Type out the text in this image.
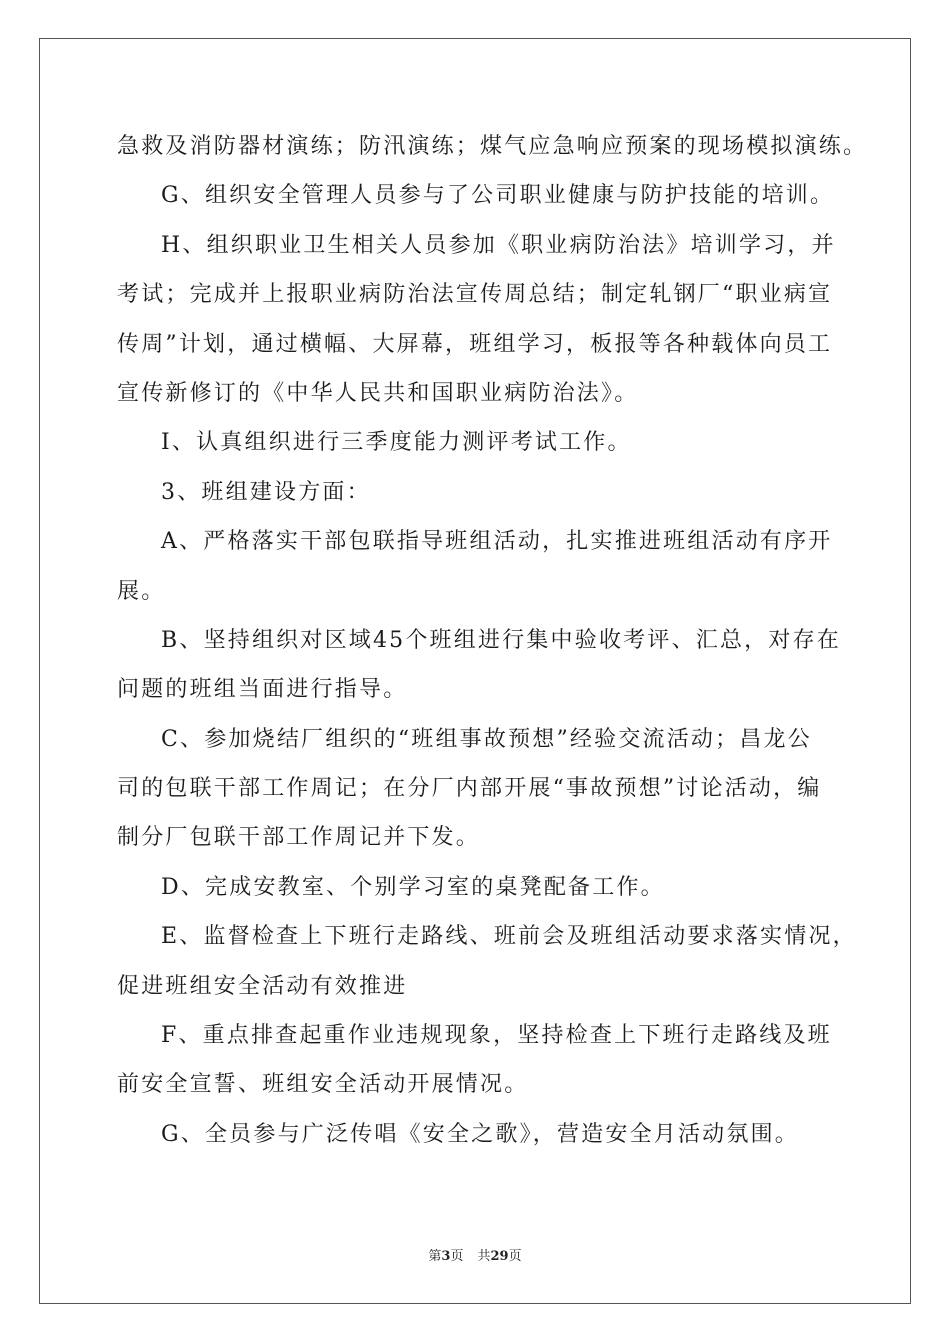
急救及消防器材演练；防汛演练；煤气应急响应预案的现场模拟演练。
G、组织安全管理人员参与了公司职业健康与防护技能的培训。
H、组织职业卫生相关人员参加《职业病防治法》培训学习，并
考试；完成并上报职业病防治法宣传周总结；制定轧钢厂“职业病宣
传周”计划，通过横幅、大屏幕，班组学习，板报等各种载体向员工
宣传新修订的《中华人民共和国职业病防治法》。
I、认真组织进行三季度能力测评考试工作。
3、班组建设方面：
A、严格落实干部包联指导班组活动，扎实推进班组活动有序开
展。
B、坚持组织对区域45个班组进行集中验收考评、汇总，对存在
问题的班组当面进行指导。
C、参加烧结厂组织的“班组事故预想”经验交流活动；昌龙公
司的包联干部工作周记；在分厂内部开展“事故预想”讨论活动，编
制分厂包联干部工作周记并下发。
D、完成安教室、个别学习室的桌凳配备工作。
E、监督检查上下班行走路线、班前会及班组活动要求落实情况，
促进班组安全活动有效推进
F、重点排查起重作业违规现象，坚持检查上下班行走路线及班
前安全宣誓、班组安全活动开展情况。
G、全员参与广泛传唱《安全之歌》，营造安全月活动氛围。
第3页 共29页
